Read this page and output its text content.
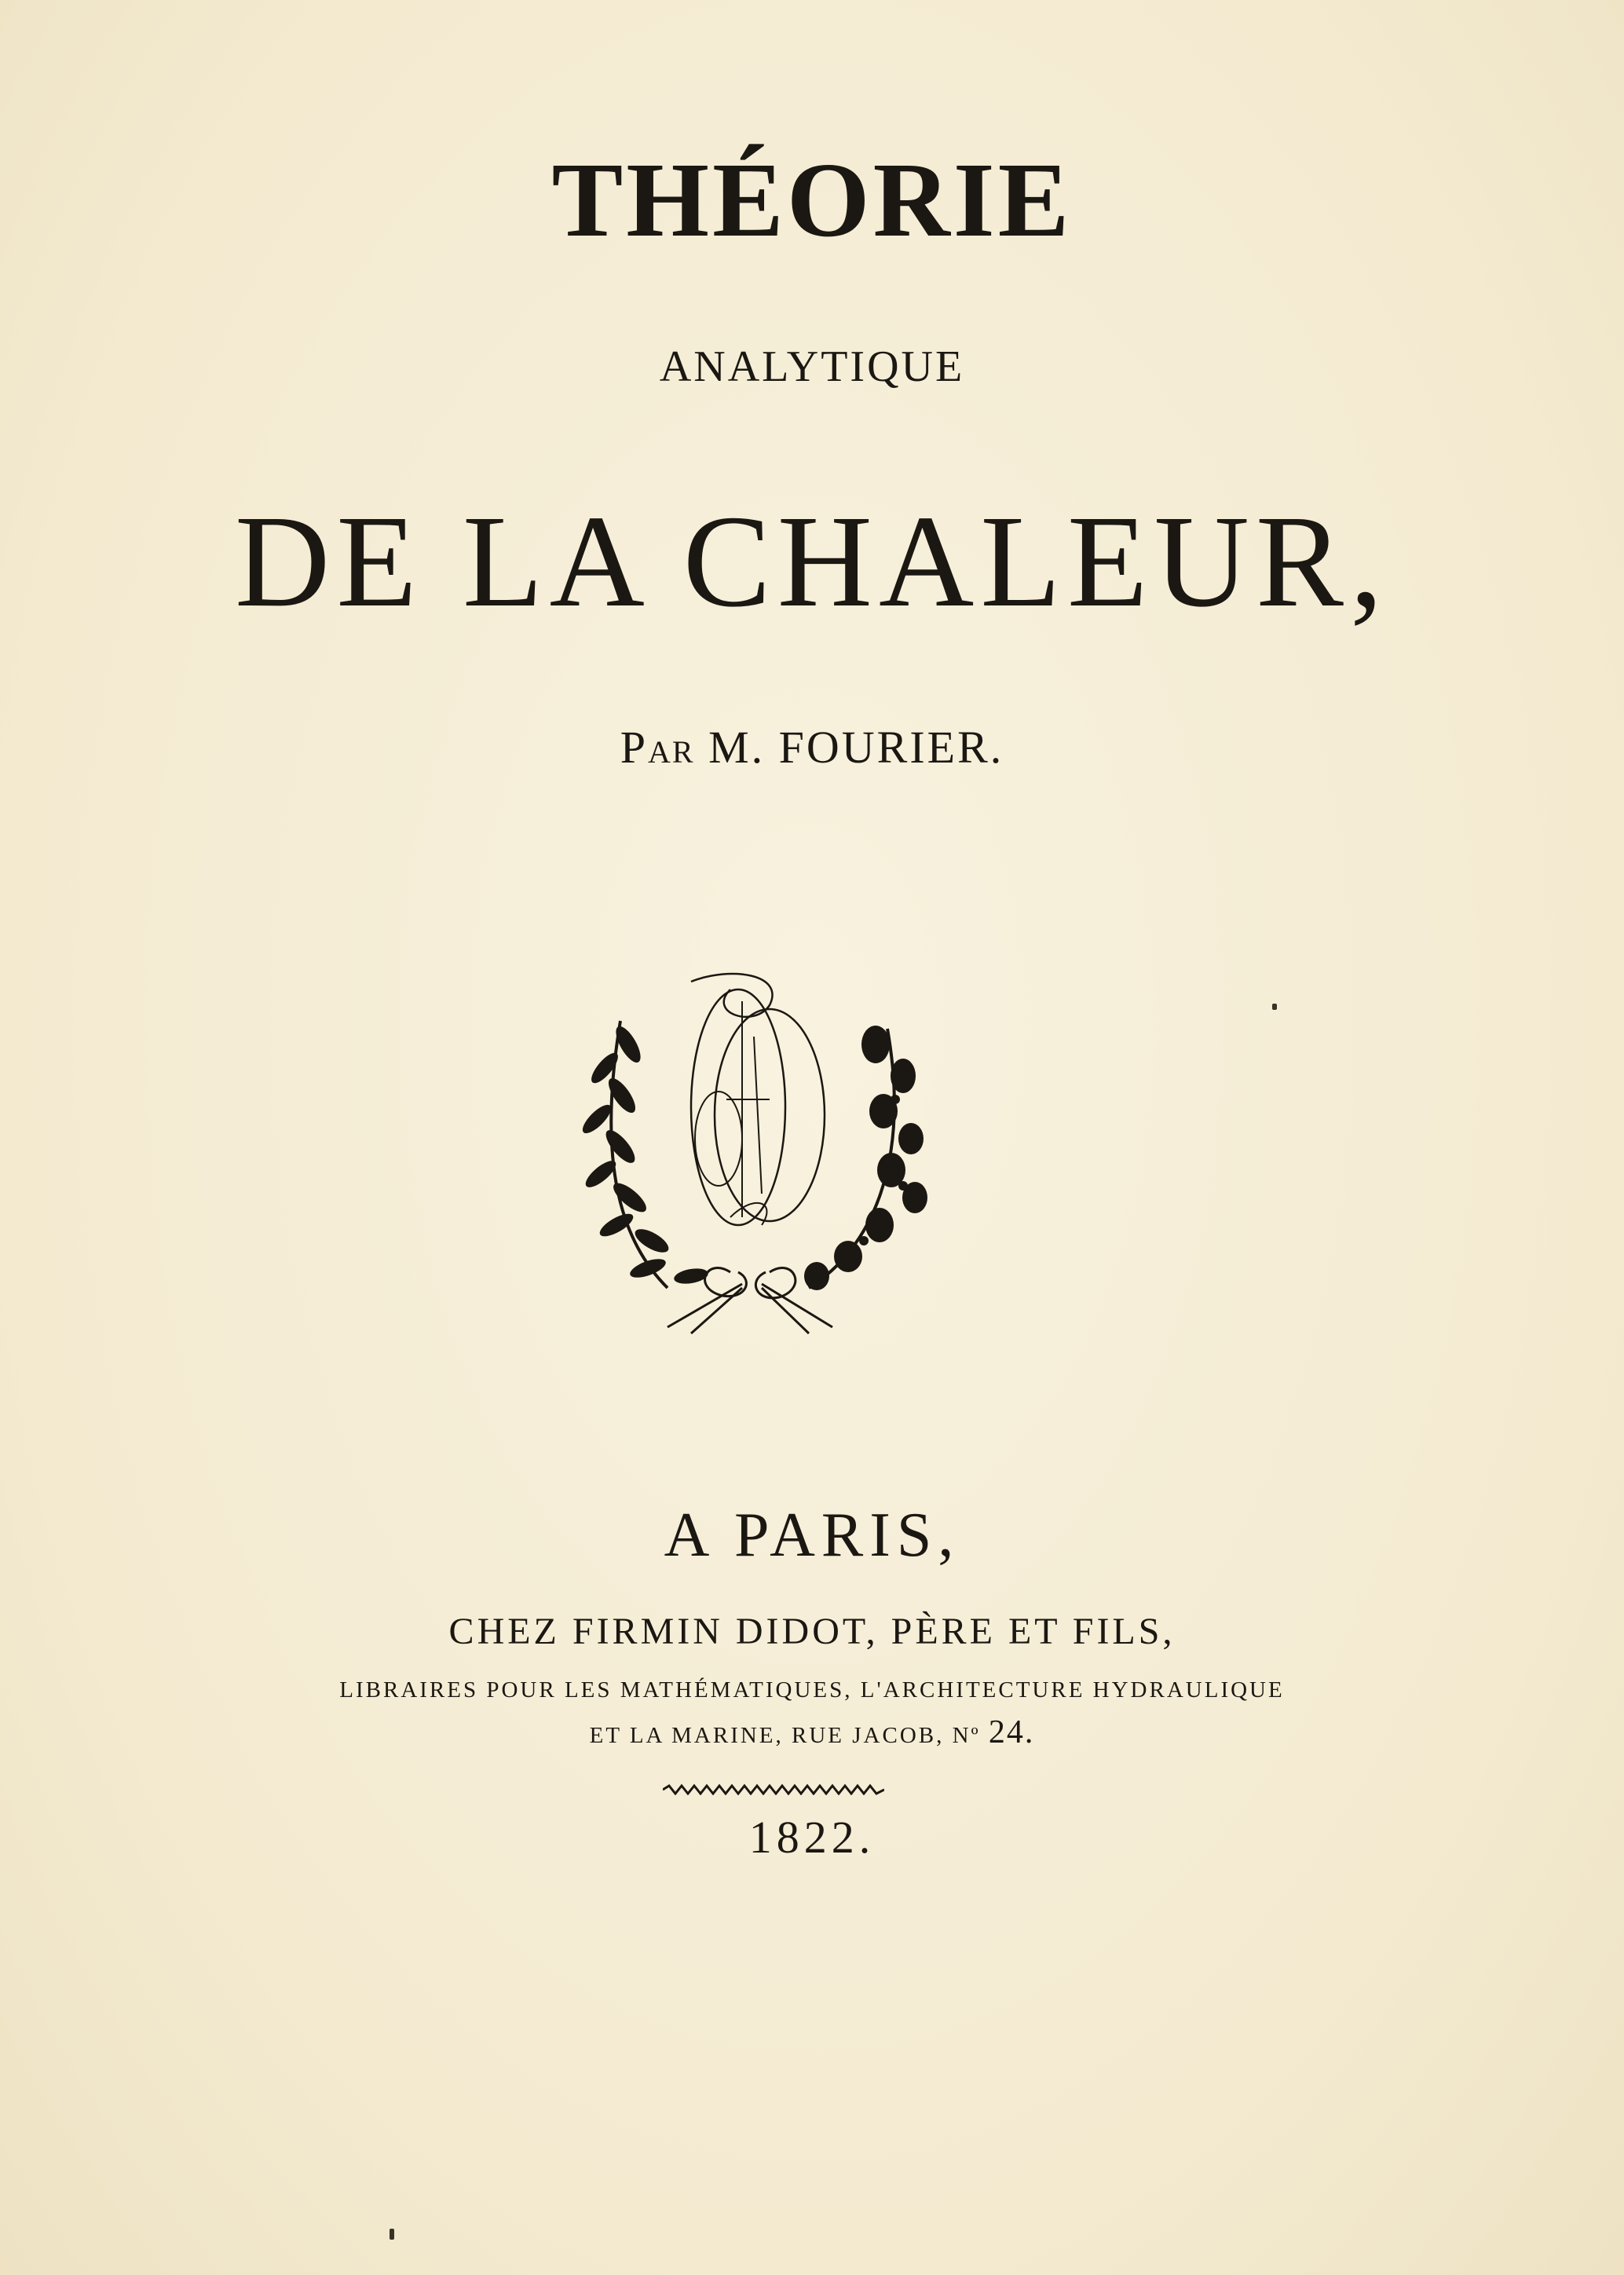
THÉORIE
ANALYTIQUE
DE LA CHALEUR,
PAR M. FOURIER.
A PARIS,
CHEZ FIRMIN DIDOT, PÈRE ET FILS,
LIBRAIRES POUR LES MATHÉMATIQUES, L'ARCHITECTURE HYDRAULIQUE
ET LA MARINE, RUE JACOB, Nº 24.
1822.
